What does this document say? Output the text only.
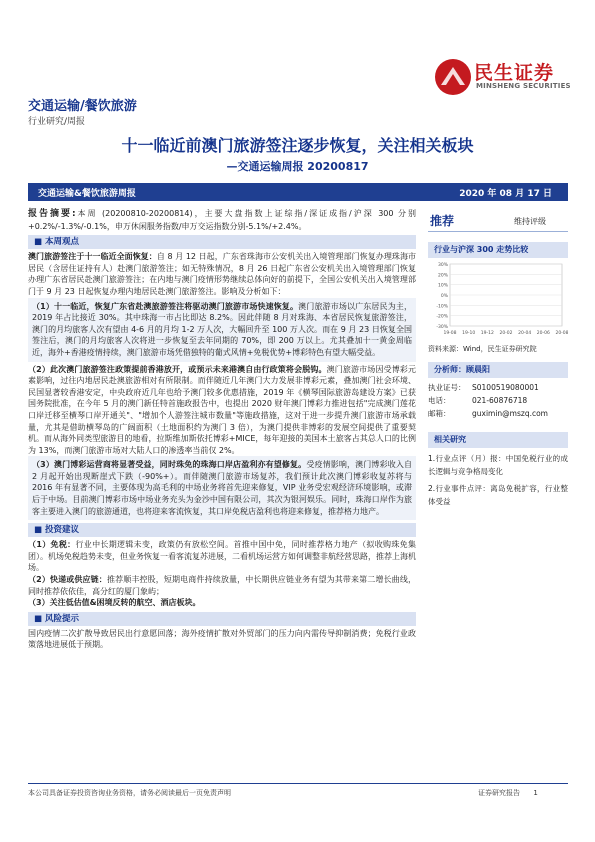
民生证券
MINSHENG SECURITIES
交通运输/餐饮旅游
行业研究/周报
十一临近前澳门旅游签注逐步恢复，关注相关板块
—交通运输周报 20200817
交通运输&餐饮旅游周报	2020 年 08 月 17 日

报告摘要:本周 (20200810-20200814)，主要大盘指数上证综指/深证成指/沪深 300 分别+0.2%/-1.3%/-0.1%，申万休闲服务指数/申万交运指数分别-5.1%/+2.4%。

■ 本周观点

澳门旅游签注于十一临近全面恢复：自 8 月 12 日起，广东省珠海市公安机关出入境管理部门恢复办理珠海市居民（含居住证持有人）赴澳门旅游签注；如无特殊情况，8 月 26 日起广东省公安机关出入境管理部门恢复办理广东省居民赴澳门旅游签注；在内地与澳门疫情形势继续总体向好的前提下，全国公安机关出入境管理部门于 9 月 23 日起恢复办理内地居民赴澳门旅游签注。影响及分析如下：

（1）十一临近，恢复广东省赴澳旅游签注将驱动澳门旅游市场快速恢复。澳门旅游市场以广东居民为主，2019 年占比接近 30%。其中珠海一市占比即达 8.2%。因此伴随 8 月对珠海、本省居民恢复旅游签注，澳门的月均旅客人次有望由 4-6 月的月均 1-2 万人次，大幅回升至 100 万人次。而在 9 月 23 日恢复全国签注后，澳门的月均旅客人次将进一步恢复至去年同期的 70%，即 200 万以上。尤其叠加十一黄金周临近，海外+香港疫情持续，澳门旅游市场凭借独特的葡式风情+免税优势+博彩特色有望大幅受益。

（2）此次澳门旅游签注政策提前香港放开，或预示未来港澳自由行政策将会脱钩。澳门旅游市场因受博彩元素影响，过往内地居民赴澳旅游相对有所限制。而伴随近几年澳门大力发展非博彩元素，叠加澳门社会环境、民国显著较香港安定，中央政府近几年也给予澳门较多优惠措施，2019 年《横琴国际旅游岛建设方案》已获国务院批准，在今年 5 月的澳门新任特首施政报告中，也提出 2020 财年澳门博彩力推进包括"完成澳门莲花口岸迁移至横琴口岸开通关"、"增加个人游签注城市数量"等施政措施，这对于进一步提升澳门旅游市场承载量，尤其是借助横琴岛的广阔面积（土地面积约为澳门 3 倍），为澳门提供非博彩的发展空间提供了重要契机。而从海外同类型旅游目的地看，拉斯维加斯依托博彩+MICE，每年迎接的美国本土旅客占其总人口的比例为 13%，而澳门旅游市场对大陆人口的渗透率当前仅 2%。

（3）澳门博彩运营商将显著受益，同时珠免的珠海口岸店盈利亦有望修复。受疫情影响，澳门博彩收入自 2 月起开始出现断崖式下跌（-90%+）。而伴随澳门旅游市场复苏，我们预计此次澳门博彩收复苏将与 2016 年有显著不同，主要体现为高毛利的中场业务将首先迎来修复，VIP 业务受宏观经济环境影响，或滞后于中场。目前澳门博彩市场中场业务充头为金沙中国有限公司，其次为银河娱乐。同时，珠海口岸作为旅客主要进入澳门的旅游通道，也将迎来客流恢复，其口岸免税店盈利也将迎来修复，推荐格力地产。

■ 投资建议

（1）免税：行业中长期逻辑未变，政策仍有放松空间。首推中国中免，同时推荐格力地产（拟收购珠免集团）。机场免税趋势未变，但业务恢复一看客流复苏进展，二看机场运营方如何调整非航经营思路，推荐上海机场。

（2）快递或供应链：推荐顺丰控股，短期电商件持续放量，中长期供应链业务有望为其带来第二增长曲线，同时推荐依依佳，高分红的厦门象屿；

（3）关注低估值&困境反转的航空、酒店板块。

■ 风险提示

国内疫情二次扩散导致居民出行意愿回落；海外疫情扩散对外贸部门的压力向内需传导抑制消费；免税行业政策落地进展低于预期。

推荐	维持评级
行业与沪深 300 走势比较
30%
20%
10%
0%
-10%
-20%
-30%
19-08 19-10 19-12 20-02 20-04 20-06 20-08
资料来源：Wind，民生证券研究院
分析师：顾晨阳
执业证号： S0100519080001
电话：	021-60876718
邮箱：	guximin@mszq.com
相关研究

1.行业点评（月）报：中国免税行业的成长逻辑与竞争格局变化

2.行业事件点评：离岛免税扩容，行业整体受益

本公司具备证券投资咨询业务资格，请务必阅读最后一页免责声明	证券研究报告 1
